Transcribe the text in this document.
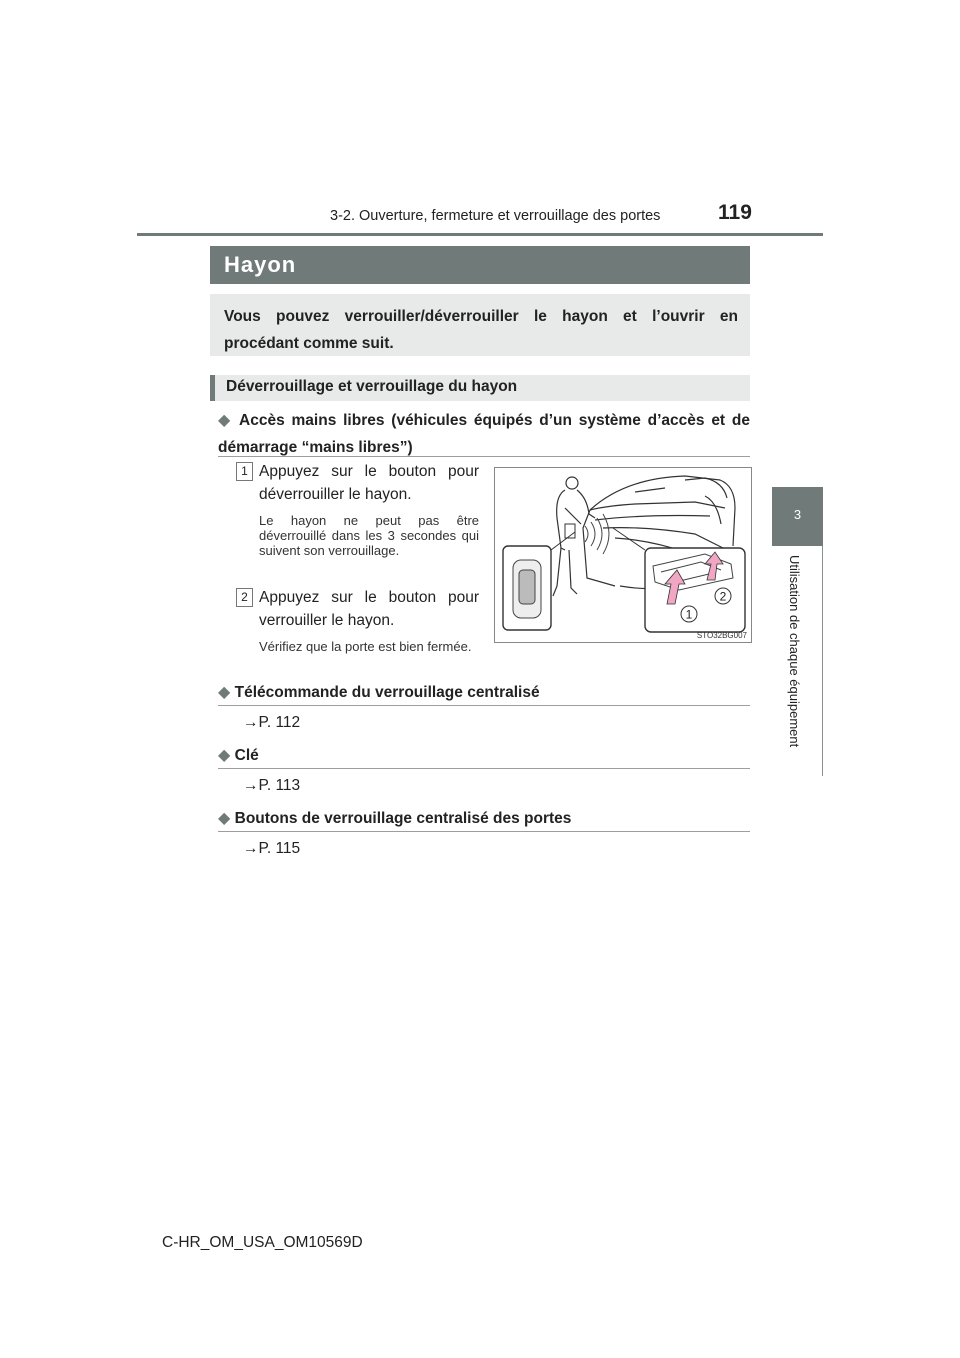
3-2. Ouverture, fermeture et verrouillage des portes	119
3
Utilisation de chaque équipement
Hayon
Vous pouvez verrouiller/déverrouiller le hayon et l’ouvrir en procédant comme suit.
Déverrouillage et verrouillage du hayon
◆ Accès mains libres (véhicules équipés d’un système d’accès et de démarrage “mains libres”)
1 Appuyez sur le bouton pour déverrouiller le hayon.
Le hayon ne peut pas être déverrouillé dans les 3 secondes qui suivent son verrouillage.
2 Appuyez sur le bouton pour verrouiller le hayon.
Vérifiez que la porte est bien fermée.
1
2
STO32BG007
◆ Télécommande du verrouillage centralisé
→P. 112
◆ Clé
→P. 113
◆ Boutons de verrouillage centralisé des portes
→P. 115
C-HR_OM_USA_OM10569D
